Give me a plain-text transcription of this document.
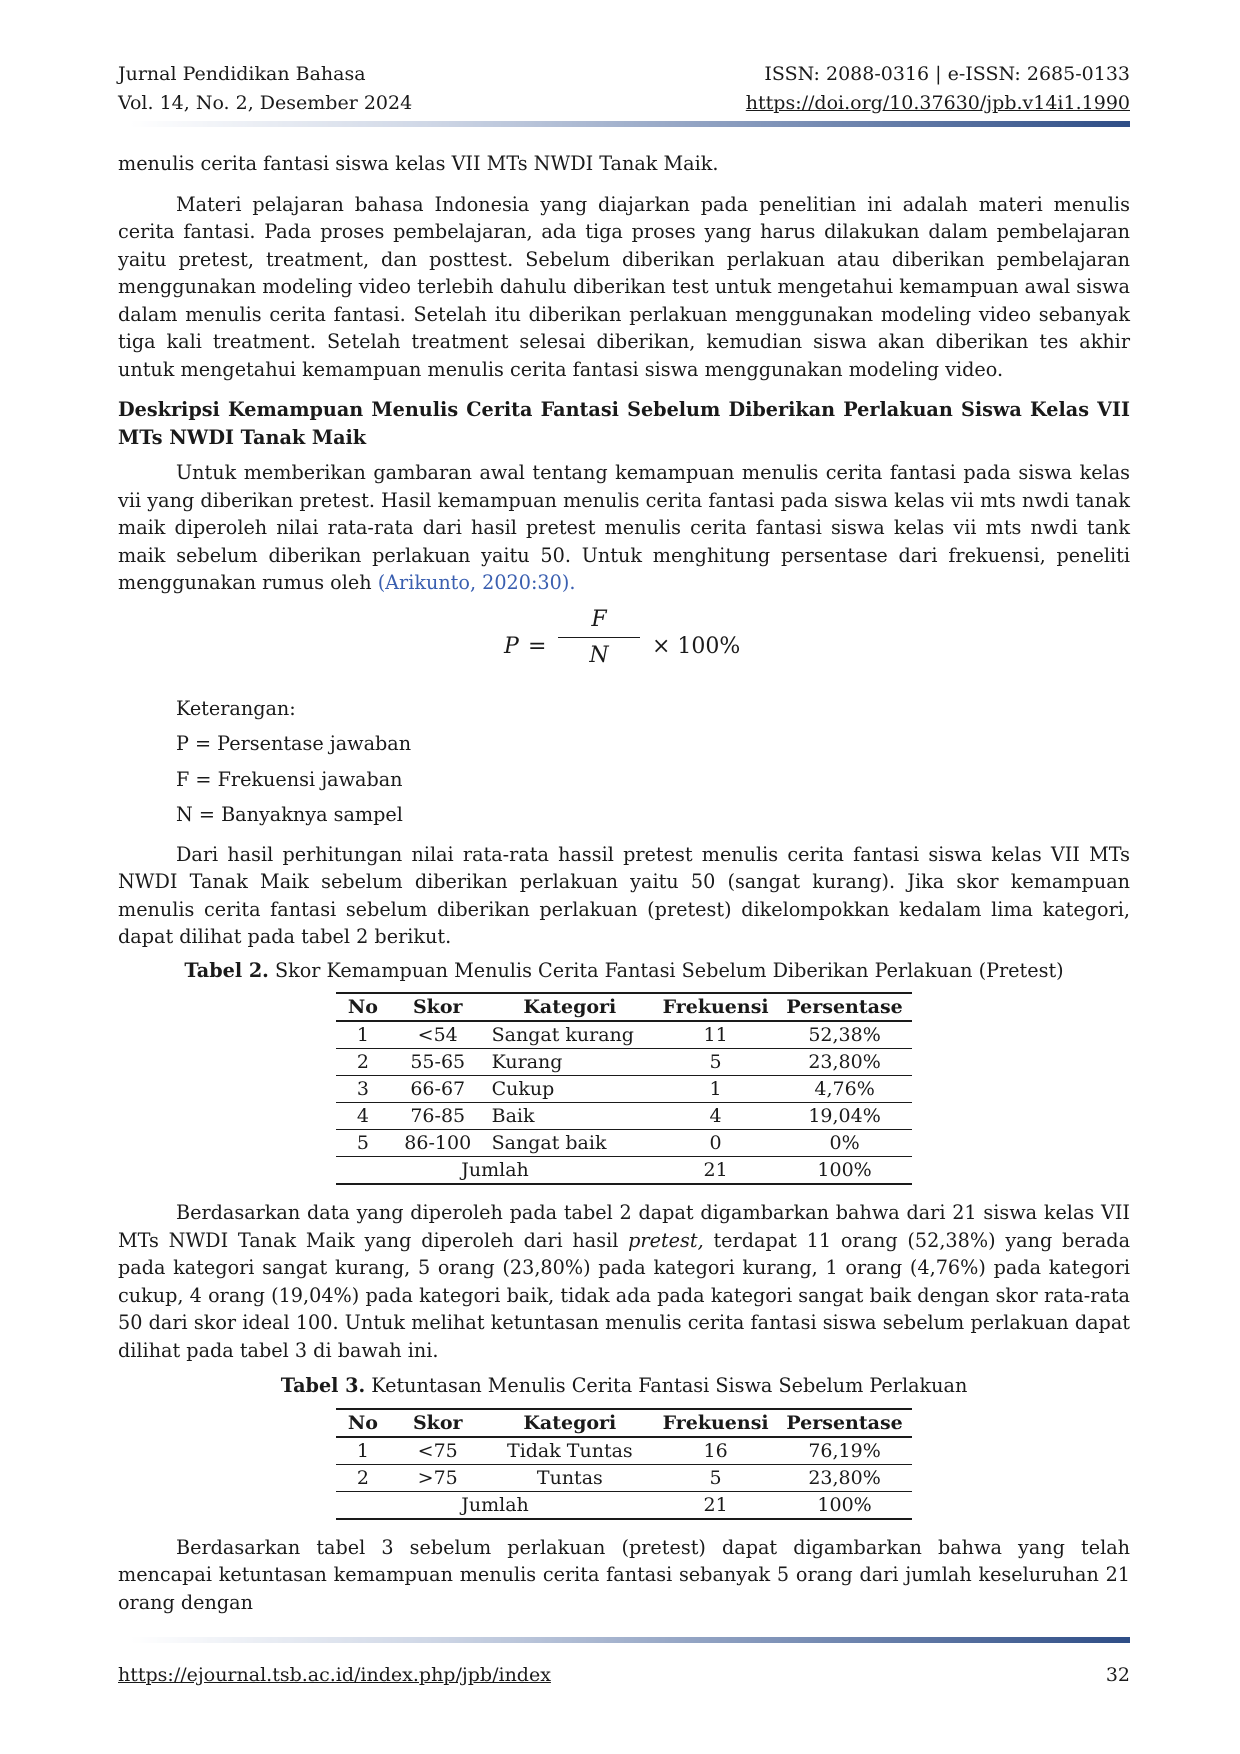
Jurnal Pendidikan Bahasa
Vol. 14, No. 2, Desember 2024
ISSN: 2088-0316 | e-ISSN: 2685-0133
https://doi.org/10.37630/jpb.v14i1.1990

menulis cerita fantasi siswa kelas VII MTs NWDI Tanak Maik.

Materi pelajaran bahasa Indonesia yang diajarkan pada penelitian ini adalah materi menulis cerita fantasi. Pada proses pembelajaran, ada tiga proses yang harus dilakukan dalam pembelajaran yaitu pretest, treatment, dan posttest. Sebelum diberikan perlakuan atau diberikan pembelajaran menggunakan modeling video terlebih dahulu diberikan test untuk mengetahui kemampuan awal siswa dalam menulis cerita fantasi. Setelah itu diberikan perlakuan menggunakan modeling video sebanyak tiga kali treatment. Setelah treatment selesai diberikan, kemudian siswa akan diberikan tes akhir untuk mengetahui kemampuan menulis cerita fantasi siswa menggunakan modeling video.

Deskripsi Kemampuan Menulis Cerita Fantasi Sebelum Diberikan Perlakuan Siswa Kelas VII MTs NWDI Tanak Maik

Untuk memberikan gambaran awal tentang kemampuan menulis cerita fantasi pada siswa kelas vii yang diberikan pretest. Hasil kemampuan menulis cerita fantasi pada siswa kelas vii mts nwdi tanak maik diperoleh nilai rata-rata dari hasil pretest menulis cerita fantasi siswa kelas vii mts nwdi tank maik sebelum diberikan perlakuan yaitu 50. Untuk menghitung persentase dari frekuensi, peneliti menggunakan rumus oleh (Arikunto, 2020:30).

P =
F
N	× 100%
Keterangan:
P = Persentase jawaban
F = Frekuensi jawaban
N = Banyaknya sampel

Dari hasil perhitungan nilai rata-rata hassil pretest menulis cerita fantasi siswa kelas VII MTs NWDI Tanak Maik sebelum diberikan perlakuan yaitu 50 (sangat kurang). Jika skor kemampuan menulis cerita fantasi sebelum diberikan perlakuan (pretest) dikelompokkan kedalam lima kategori, dapat dilihat pada tabel 2 berikut.

Tabel 2. Skor Kemampuan Menulis Cerita Fantasi Sebelum Diberikan Perlakuan (Pretest)

No	Skor	Kategori	Frekuensi	Persentase
1	<54	Sangat kurang	11	52,38%
2	55-65	Kurang	5	23,80%
3	66-67	Cukup	1	4,76%
4	76-85	Baik	4	19,04%
5	86-100	Sangat baik	0	0%
Jumlah			21	100%

Berdasarkan data yang diperoleh pada tabel 2 dapat digambarkan bahwa dari 21 siswa kelas VII MTs NWDI Tanak Maik yang diperoleh dari hasil pretest, terdapat 11 orang (52,38%) yang berada pada kategori sangat kurang, 5 orang (23,80%) pada kategori kurang, 1 orang (4,76%) pada kategori cukup, 4 orang (19,04%) pada kategori baik, tidak ada pada kategori sangat baik dengan skor rata-rata 50 dari skor ideal 100. Untuk melihat ketuntasan menulis cerita fantasi siswa sebelum perlakuan dapat dilihat pada tabel 3 di bawah ini.

Tabel 3. Ketuntasan Menulis Cerita Fantasi Siswa Sebelum Perlakuan

No	Skor	Kategori	Frekuensi	Persentase
1	<75	Tidak Tuntas	16	76,19%
2	>75	Tuntas	5	23,80%
Jumlah			21	100%

Berdasarkan tabel 3 sebelum perlakuan (pretest) dapat digambarkan bahwa yang telah mencapai ketuntasan kemampuan menulis cerita fantasi sebanyak 5 orang dari jumlah keseluruhan 21 orang dengan

https://ejournal.tsb.ac.id/index.php/jpb/index	32
